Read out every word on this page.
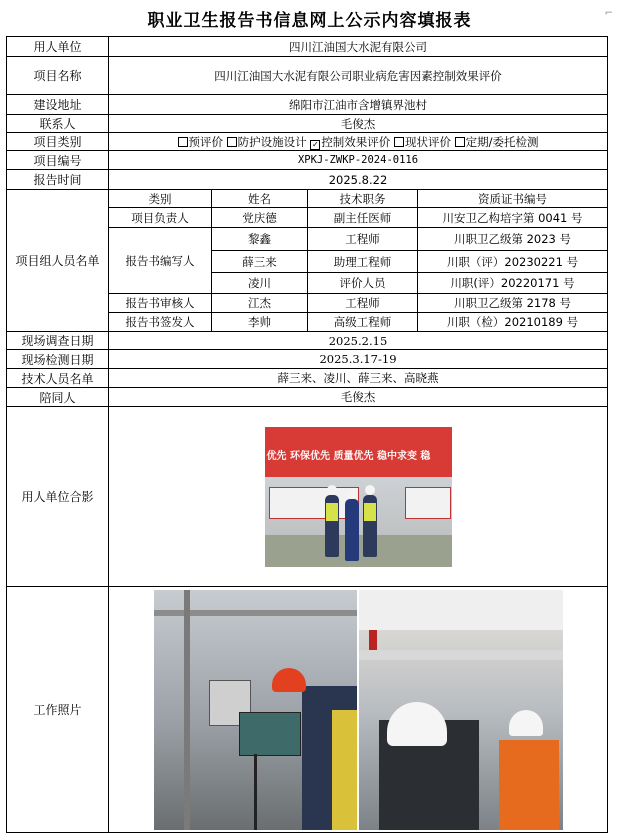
职业卫生报告书信息网上公示内容填报表	⌐
用人单位	四川江油国大水泥有限公司			
项目名称	四川江油国大水泥有限公司职业病危害因素控制效果评价			
建设地址	绵阳市江油市含增镇界池村			
联系人	毛俊杰			
项目类别	预评价 防护设施设计 ✓ 控制效果评价 现状评价 定期/委托检测			
项目编号	XPKJ-ZWKP-2024-0116			
报告时间	2025.8.22			
项目组人员名单	类别	姓名	技术职务	资质证书编号
	项目负责人	党庆德	副主任医师	川安卫乙构培字第 0041 号
	报告书编写人	黎鑫	工程师	川职卫乙级第 2023 号
		薛三来	助理工程师	川职（评）20230221 号
		凌川	评价人员	川职(评）20220171 号
	报告书审核人	江杰	工程师	川职卫乙级第 2178 号
	报告书签发人	李帅	高级工程师	川职（检）20210189 号
现场调查日期	2025.2.15			
现场检测日期	2025.3.17-19			
技术人员名单	薛三来、凌川、薛三来、高晓燕			
陪同人	毛俊杰			
用人单位合影	优先 环保优先 质量优先 稳中求变 稳			

工作照片				
